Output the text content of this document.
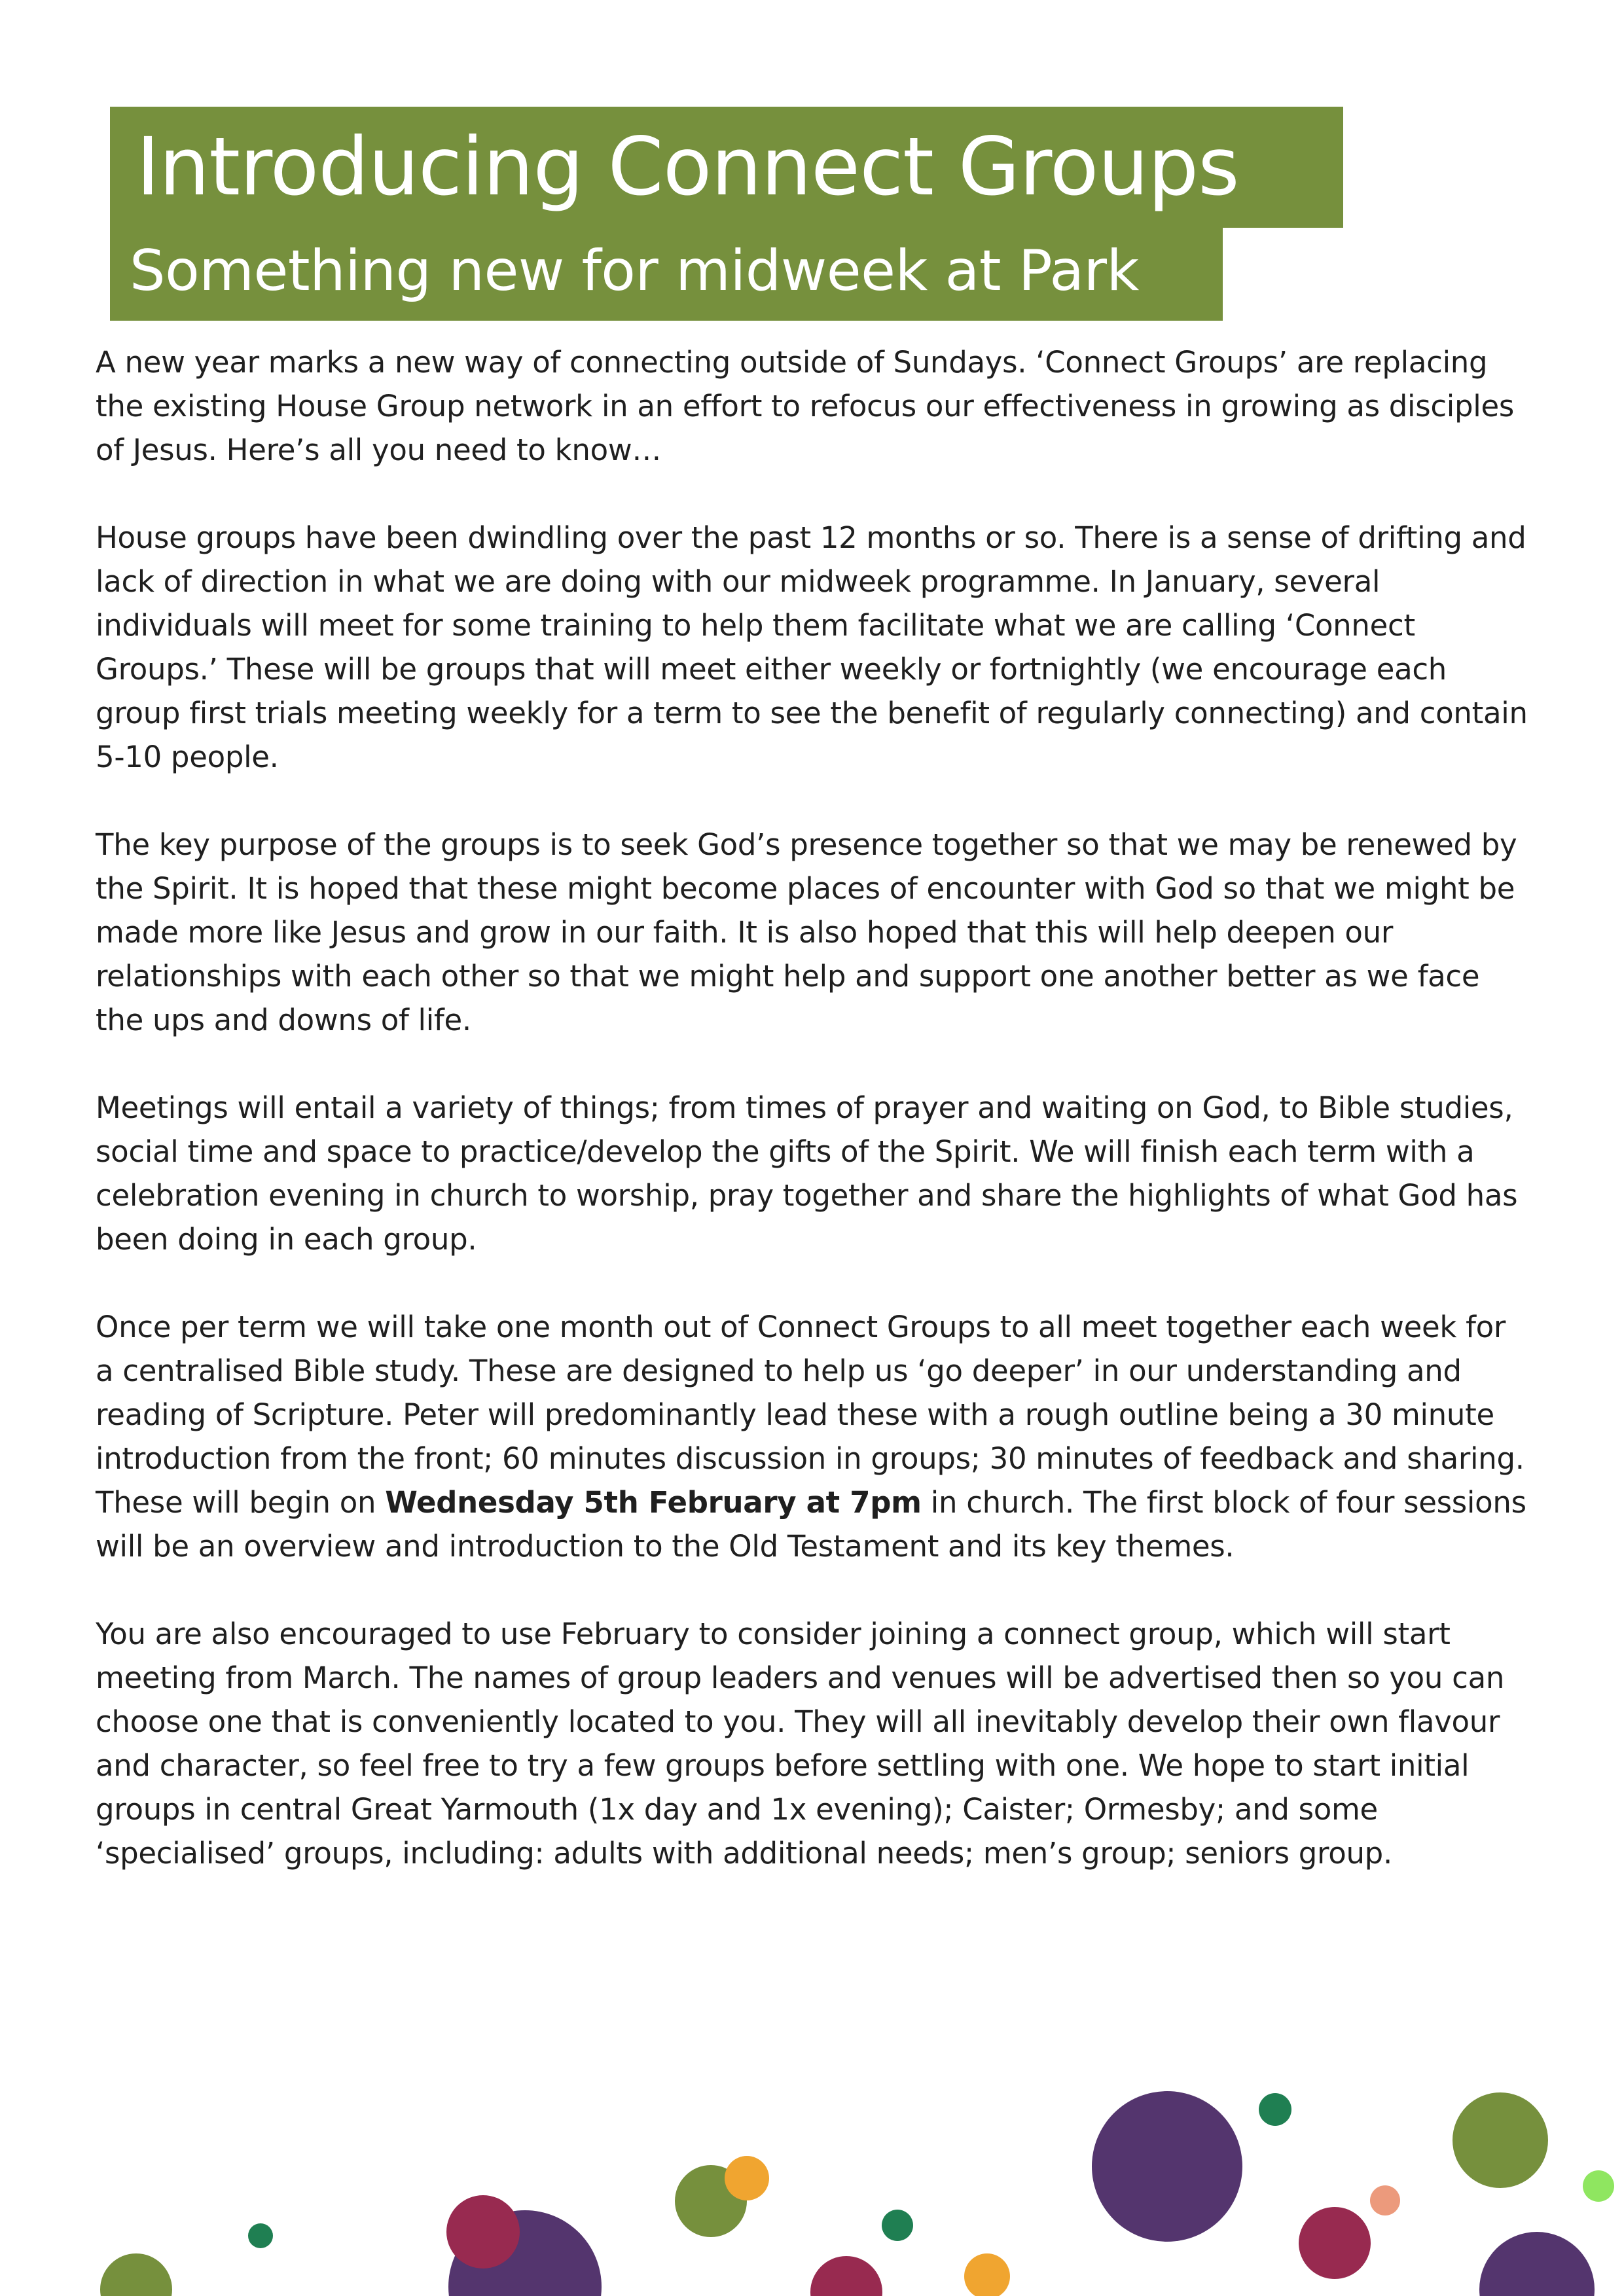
Introducing Connect Groups
Something new for midweek at Park

A new year marks a new way of connecting outside of Sundays. ‘Connect Groups’ are replacing the existing House Group network in an effort to refocus our effectiveness in growing as disciples of Jesus. Here’s all you need to know…

House groups have been dwindling over the past 12 months or so. There is a sense of drifting and lack of direction in what we are doing with our midweek programme. In January, several individuals will meet for some training to help them facilitate what we are calling ‘Connect Groups.’ These will be groups that will meet either weekly or fortnightly (we encourage each group first trials meeting weekly for a term to see the benefit of regularly connecting) and contain 5-10 people.

The key purpose of the groups is to seek God’s presence together so that we may be renewed by the Spirit. It is hoped that these might become places of encounter with God so that we might be made more like Jesus and grow in our faith. It is also hoped that this will help deepen our relationships with each other so that we might help and support one another better as we face the ups and downs of life.

Meetings will entail a variety of things; from times of prayer and waiting on God, to Bible studies, social time and space to practice/develop the gifts of the Spirit. We will finish each term with a celebration evening in church to worship, pray together and share the highlights of what God has been doing in each group.

Once per term we will take one month out of Connect Groups to all meet together each week for a centralised Bible study. These are designed to help us ‘go deeper’ in our understanding and reading of Scripture. Peter will predominantly lead these with a rough outline being a 30 minute introduction from the front; 60 minutes discussion in groups; 30 minutes of feedback and sharing. These will begin on Wednesday 5th February at 7pm in church. The first block of four sessions will be an overview and introduction to the Old Testament and its key themes.

You are also encouraged to use February to consider joining a connect group, which will start meeting from March. The names of group leaders and venues will be advertised then so you can choose one that is conveniently located to you. They will all inevitably develop their own flavour and character, so feel free to try a few groups before settling with one. We hope to start initial groups in central Great Yarmouth (1x day and 1x evening); Caister; Ormesby; and some ‘specialised’ groups, including: adults with additional needs; men’s group; seniors group.
